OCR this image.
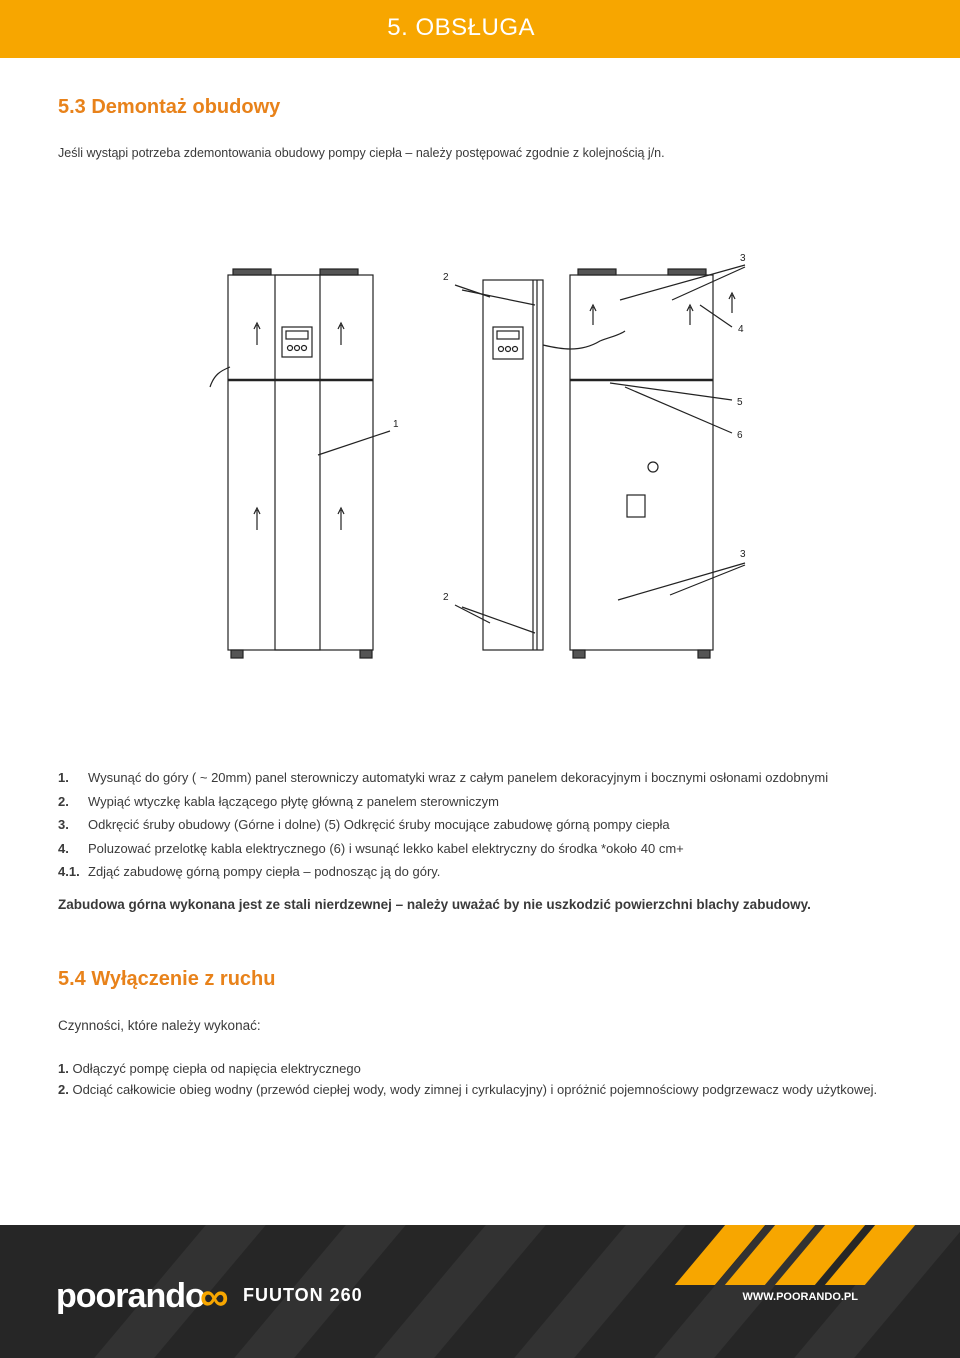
5. OBSŁUGA
5.3 Demontaż obudowy
Jeśli wystąpi potrzeba zdemontowania obudowy pompy ciepła – należy postępować zgodnie z kolejnością j/n.
1
2
2
3
4
5
6
3
1. Wysunąć do góry ( ~ 20mm) panel sterowniczy automatyki wraz z całym panelem dekoracyjnym i bocznymi osłonami ozdobnymi
2. Wypiąć wtyczkę kabla łączącego płytę główną z panelem sterowniczym
3. Odkręcić śruby obudowy (Górne i dolne) (5) Odkręcić śruby mocujące zabudowę górną pompy ciepła
4. Poluzować przelotkę kabla elektrycznego (6) i wsunąć lekko kabel elektryczny do środka *około 40 cm+
4.1. Zdjąć zabudowę górną pompy ciepła – podnosząc ją do góry.
Zabudowa górna wykonana jest ze stali nierdzewnej – należy uważać by nie uszkodzić powierzchni blachy zabudowy.
5.4 Wyłączenie z ruchu
Czynności, które należy wykonać:
1. Odłączyć pompę ciepła od napięcia elektrycznego
2. Odciąć całkowicie obieg wodny (przewód ciepłej wody, wody zimnej i cyrkulacyjny) i opróżnić pojemnościowy podgrzewacz wody użytkowej.
poorando
∞ FUUTON 260	WWW.POORANDO.PL
